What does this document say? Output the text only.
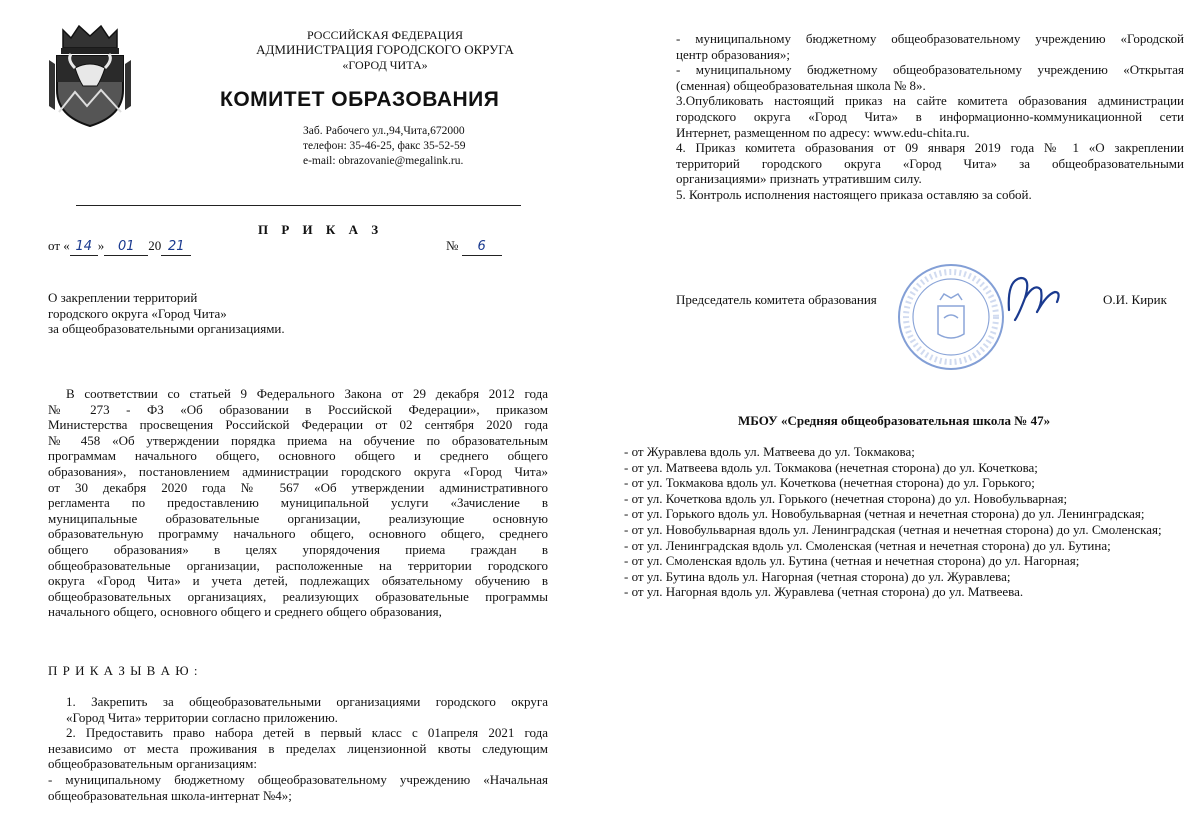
РОССИЙСКАЯ ФЕДЕРАЦИЯ
АДМИНИСТРАЦИЯ ГОРОДСКОГО ОКРУГА
«ГОРОД ЧИТА»
КОМИТЕТ ОБРАЗОВАНИЯ
Заб. Рабочего ул.,94,Чита,672000
телефон: 35-46-25, факс 35-52-59
e-mail: obrazovanie@megalink.ru.
П Р И К А З
от « 14 » 01 20 21	№ 6
О закреплении территорий
городского округа «Город Чита»
за общеобразовательными организациями.
В соответствии со статьей 9 Федерального Закона от 29 декабря 2012 года
№ 273 - ФЗ «Об образовании в Российской Федерации», приказом
Министерства просвещения Российской Федерации от 02 сентября 2020 года
№ 458 «Об утверждении порядка приема на обучение по образовательным
программам начального общего, основного общего и среднего общего
образования», постановлением администрации городского округа «Город Чита»
от 30 декабря 2020 года № 567 «Об утверждении административного
регламента по предоставлению муниципальной услуги «Зачисление в
муниципальные образовательные организации, реализующие основную
образовательную программу начального общего, основного общего, среднего
общего образования» в целях упорядочения приема граждан в
общеобразовательные организации, расположенные на территории городского
округа «Город Чита» и учета детей, подлежащих обязательному обучению в
общеобразовательных организациях, реализующих образовательные программы
начального общего, основного общего и среднего общего образования,
П Р И К А З Ы В А Ю :
1. Закрепить за общеобразовательными организациями городского округа
«Город Чита» территории согласно приложению.
2. Предоставить право набора детей в первый класс с 01апреля 2021 года
независимо от места проживания в пределах лицензионной квоты следующим
общеобразовательным организациям:
- муниципальному бюджетному общеобразовательному учреждению «Начальная
общеобразовательная школа-интернат №4»;
- муниципальному бюджетному общеобразовательному учреждению «Городской
центр образования»;
- муниципальному бюджетному общеобразовательному учреждению «Открытая
(сменная) общеобразовательная школа № 8».
3.Опубликовать настоящий приказ на сайте комитета образования администрации
городского округа «Город Чита» в информационно-коммуникационной сети
Интернет, размещенном по адресу: www.edu-chita.ru.
4. Приказ комитета образования от 09 января 2019 года № 1 «О закреплении
территорий городского округа «Город Чита» за общеобразовательными
организациями» признать утратившим силу.
5. Контроль исполнения настоящего приказа оставляю за собой.
Председатель комитета образования	О.И. Кирик
МБОУ «Средняя общеобразовательная школа № 47»
- от Журавлева вдоль ул. Матвеева до ул. Токмакова;
- от ул. Матвеева вдоль ул. Токмакова (нечетная сторона) до ул. Кочеткова;
- от ул. Токмакова вдоль ул. Кочеткова (нечетная сторона) до ул. Горького;
- от ул. Кочеткова вдоль ул. Горького (нечетная сторона) до ул. Новобульварная;
- от ул. Горького вдоль ул. Новобульварная (четная и нечетная сторона) до ул. Ленинградская;
- от ул. Новобульварная вдоль ул. Ленинградская (четная и нечетная сторона) до ул. Смоленская;
- от ул. Ленинградская вдоль ул. Смоленская (четная и нечетная сторона) до ул. Бутина;
- от ул. Смоленская вдоль ул. Бутина (четная и нечетная сторона) до ул. Нагорная;
- от ул. Бутина вдоль ул. Нагорная (четная сторона) до ул. Журавлева;
- от ул. Нагорная вдоль ул. Журавлева (четная сторона) до ул. Матвеева.
